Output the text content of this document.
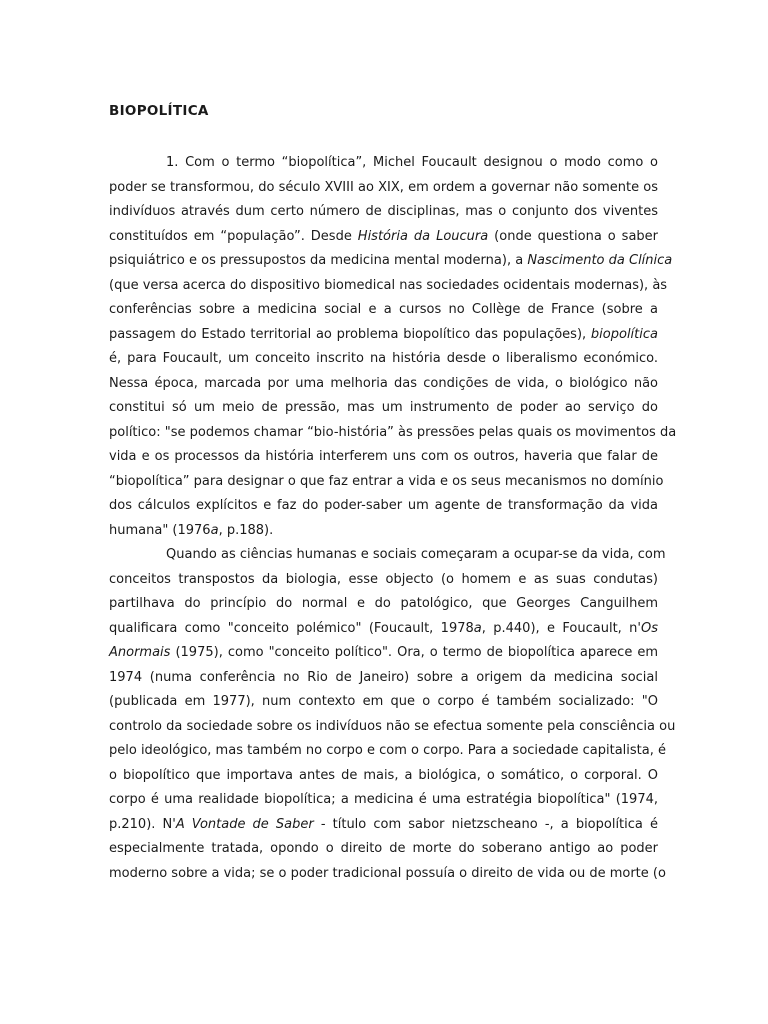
BIOPOLÍTICA
1. Com o termo “biopolítica”, Michel Foucault designou o modo como o
poder se transformou, do século XVIII ao XIX, em ordem a governar não somente os
indivíduos através dum certo número de disciplinas, mas o conjunto dos viventes
constituídos em “população”. Desde História da Loucura (onde questiona o saber
psiquiátrico e os pressupostos da medicina mental moderna), a Nascimento da Clínica
(que versa acerca do dispositivo biomedical nas sociedades ocidentais modernas), às
conferências sobre a medicina social e a cursos no Collège de France (sobre a
passagem do Estado territorial ao problema biopolítico das populações), biopolítica
é, para Foucault, um conceito inscrito na história desde o liberalismo económico.
Nessa época, marcada por uma melhoria das condições de vida, o biológico não
constitui só um meio de pressão, mas um instrumento de poder ao serviço do
político: "se podemos chamar “bio-história” às pressões pelas quais os movimentos da
vida e os processos da história interferem uns com os outros, haveria que falar de
“biopolítica” para designar o que faz entrar a vida e os seus mecanismos no domínio
dos cálculos explícitos e faz do poder-saber um agente de transformação da vida
humana" (1976a, p.188).
Quando as ciências humanas e sociais começaram a ocupar-se da vida, com
conceitos transpostos da biologia, esse objecto (o homem e as suas condutas)
partilhava do princípio do normal e do patológico, que Georges Canguilhem
qualificara como "conceito polémico" (Foucault, 1978a, p.440), e Foucault, n'Os
Anormais (1975), como "conceito político". Ora, o termo de biopolítica aparece em
1974 (numa conferência no Rio de Janeiro) sobre a origem da medicina social
(publicada em 1977), num contexto em que o corpo é também socializado: "O
controlo da sociedade sobre os indivíduos não se efectua somente pela consciência ou
pelo ideológico, mas também no corpo e com o corpo. Para a sociedade capitalista, é
o biopolítico que importava antes de mais, a biológica, o somático, o corporal. O
corpo é uma realidade biopolítica; a medicina é uma estratégia biopolítica" (1974,
p.210). N'A Vontade de Saber - título com sabor nietzscheano -, a biopolítica é
especialmente tratada, opondo o direito de morte do soberano antigo ao poder
moderno sobre a vida; se o poder tradicional possuía o direito de vida ou de morte (o
